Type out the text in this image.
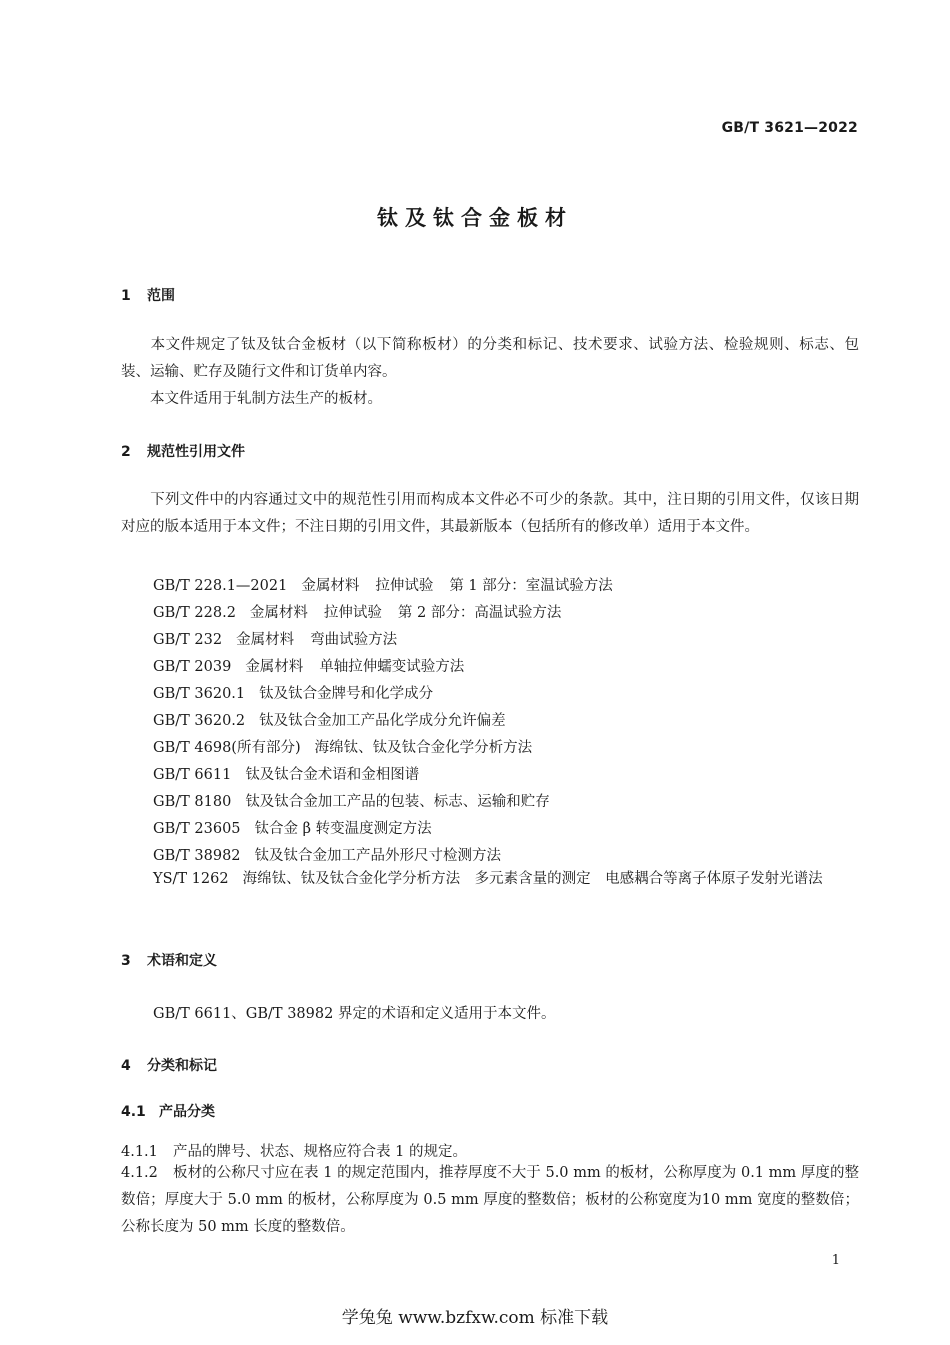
GB/T 3621—2022
钛及钛合金板材
1 范围
本文件规定了钛及钛合金板材（以下简称板材）的分类和标记、技术要求、试验方法、检验规则、标志、包装、运输、贮存及随行文件和订货单内容。
本文件适用于轧制方法生产的板材。
2 规范性引用文件
下列文件中的内容通过文中的规范性引用而构成本文件必不可少的条款。其中，注日期的引用文件，仅该日期对应的版本适用于本文件；不注日期的引用文件，其最新版本（包括所有的修改单）适用于本文件。
GB/T 228.1—2021 金属材料 拉伸试验 第 1 部分：室温试验方法
GB/T 228.2 金属材料 拉伸试验 第 2 部分：高温试验方法
GB/T 232 金属材料 弯曲试验方法
GB/T 2039 金属材料 单轴拉伸蠕变试验方法
GB/T 3620.1 钛及钛合金牌号和化学成分
GB/T 3620.2 钛及钛合金加工产品化学成分允许偏差
GB/T 4698(所有部分) 海绵钛、钛及钛合金化学分析方法
GB/T 6611 钛及钛合金术语和金相图谱
GB/T 8180 钛及钛合金加工产品的包装、标志、运输和贮存
GB/T 23605 钛合金 β 转变温度测定方法
GB/T 38982 钛及钛合金加工产品外形尺寸检测方法
YS/T 1262 海绵钛、钛及钛合金化学分析方法　多元素含量的测定　电感耦合等离子体原子发射光谱法
3 术语和定义
GB/T 6611、GB/T 38982 界定的术语和定义适用于本文件。
4 分类和标记
4.1 产品分类
4.1.1 产品的牌号、状态、规格应符合表 1 的规定。
4.1.2 板材的公称尺寸应在表 1 的规定范围内，推荐厚度不大于 5.0 mm 的板材，公称厚度为 0.1 mm 厚度的整数倍；厚度大于 5.0 mm 的板材，公称厚度为 0.5 mm 厚度的整数倍；板材的公称宽度为10 mm 宽度的整数倍；公称长度为 50 mm 长度的整数倍。
1
学兔兔 www.bzfxw.com 标准下载
